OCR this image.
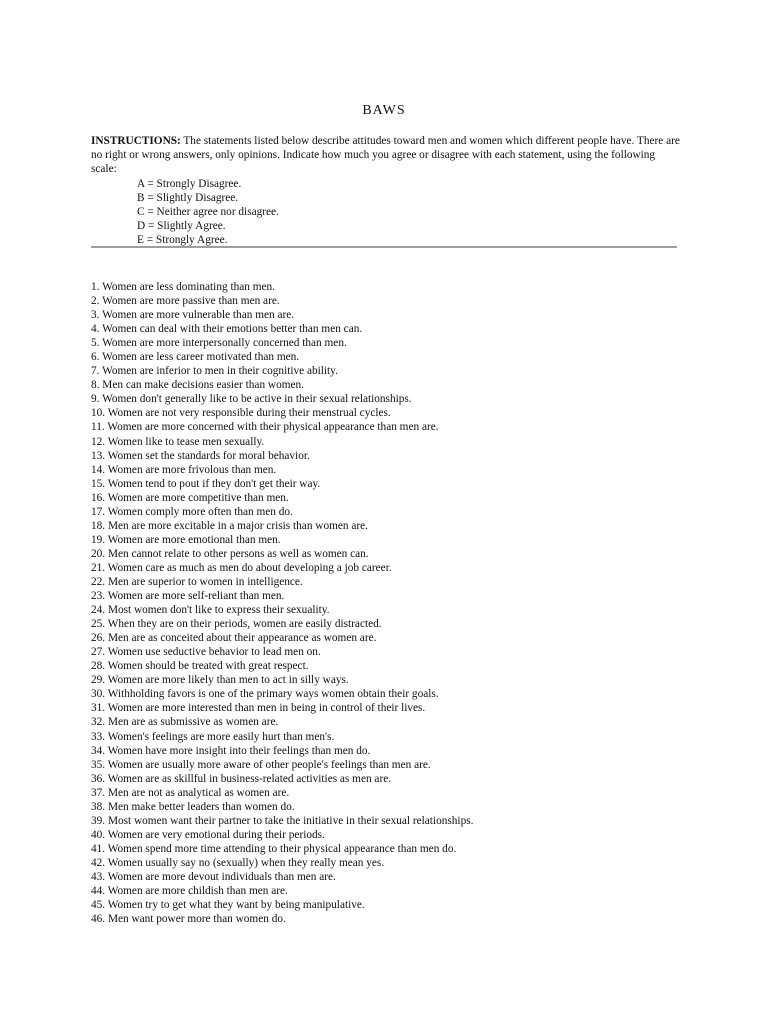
BAWS
INSTRUCTIONS: The statements listed below describe attitudes toward men and women which different people have. There are no right or wrong answers, only opinions. Indicate how much you agree or disagree with each statement, using the following scale:
A = Strongly Disagree.
B = Slightly Disagree.
C = Neither agree nor disagree.
D = Slightly Agree.
E = Strongly Agree.
1. Women are less dominating than men.
2. Women are more passive than men are.
3. Women are more vulnerable than men are.
4. Women can deal with their emotions better than men can.
5. Women are more interpersonally concerned than men.
6. Women are less career motivated than men.
7. Women are inferior to men in their cognitive ability.
8. Men can make decisions easier than women.
9. Women don't generally like to be active in their sexual relationships.
10. Women are not very responsible during their menstrual cycles.
11. Women are more concerned with their physical appearance than men are.
12. Women like to tease men sexually.
13. Women set the standards for moral behavior.
14. Women are more frivolous than men.
15. Women tend to pout if they don't get their way.
16. Women are more competitive than men.
17. Women comply more often than men do.
18. Men are more excitable in a major crisis than women are.
19. Women are more emotional than men.
20. Men cannot relate to other persons as well as women can.
21. Women care as much as men do about developing a job career.
22. Men are superior to women in intelligence.
23. Women are more self-reliant than men.
24. Most women don't like to express their sexuality.
25. When they are on their periods, women are easily distracted.
26. Men are as conceited about their appearance as women are.
27. Women use seductive behavior to lead men on.
28. Women should be treated with great respect.
29. Women are more likely than men to act in silly ways.
30. Withholding favors is one of the primary ways women obtain their goals.
31. Women are more interested than men in being in control of their lives.
32. Men are as submissive as women are.
33. Women's feelings are more easily hurt than men's.
34. Women have more insight into their feelings than men do.
35. Women are usually more aware of other people's feelings than men are.
36. Women are as skillful in business-related activities as men are.
37. Men are not as analytical as women are.
38. Men make better leaders than women do.
39. Most women want their partner to take the initiative in their sexual relationships.
40. Women are very emotional during their periods.
41. Women spend more time attending to their physical appearance than men do.
42. Women usually say no (sexually) when they really mean yes.
43. Women are more devout individuals than men are.
44. Women are more childish than men are.
45. Women try to get what they want by being manipulative.
46. Men want power more than women do.
